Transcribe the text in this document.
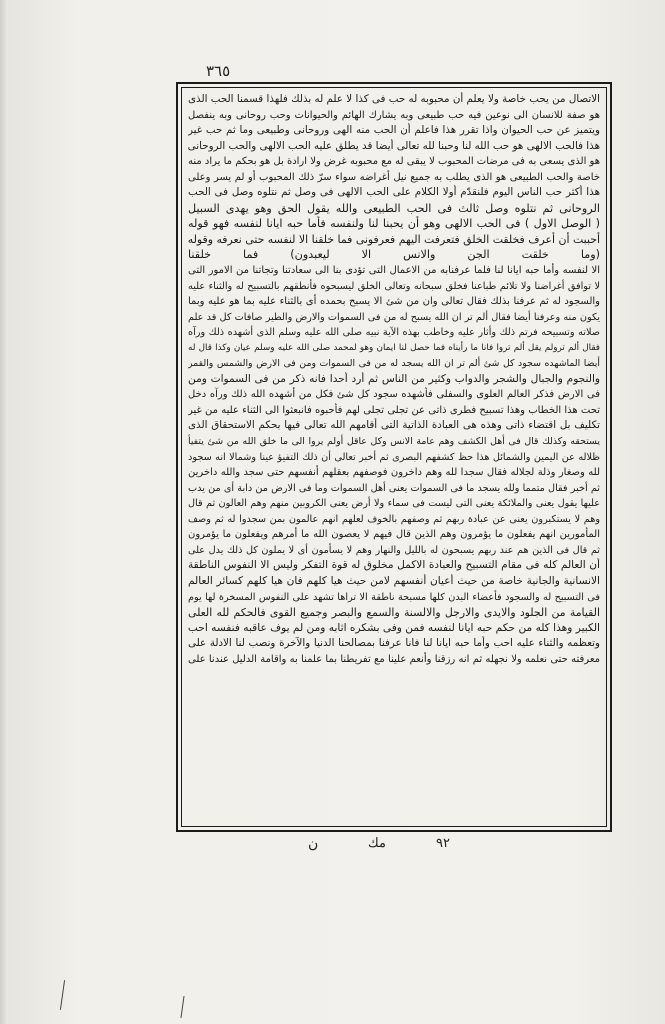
٣٦٥
الاتصال من يحب خاصة ولا يعلم أن محبوبه له حب فى كذا لا علم له بذلك فلهذا قسمنا الحب الذى
هو صفة للانسان الى نوعين فيه حب طبيعى وبه يشارك الهائم والحيوانات وحب روحانى وبه ينفصل
ويتميز عن حب الحيوان واذا تقرر هذا فاعلم أن الحب منه الهى وروحانى وطبيعى وما ثم حب غير
هذا فالحب الالهى هو حب الله لنا وحبنا لله تعالى أيضا قد يطلق عليه الحب الالهى والحب الروحانى
هو الذى يسعى به فى مرضات المحبوب لا يبقى له مع محبوبه غرض ولا ارادة بل هو بحكم ما يراد منه
خاصة والحب الطبيعى هو الذى يطلب به جميع نيل أغراضه سواء سرّ ذلك المحبوب أو لم يسر وعلى
هذا أكثر حب الناس اليوم فلنقدّم أولا الكلام على الحب الالهى فى وصل ثم نتلوه وصل فى الحب
الروحانى ثم نتلوه وصل ثالث فى الحب الطبيعى والله يقول الحق وهو يهدى السبيل
( الوصل الاول ) فى الحب الالهى وهو أن يحبنا لنا ولنفسه فأما حبه ايانا لنفسه فهو قوله
أحببت أن أعرف فخلقت الخلق فتعرفت اليهم فعرفونى فما خلقنا الا لنفسه حتى نعرفه وقوله
(وما خلقت الجن والانس الا ليعبدون) فما خلقنا
الا لنفسه وأما حبه ايانا لنا فلما عرفنابه من الاعمال التى تؤدى بنا الى سعادتنا وتجاتنا من الامور التى
لا توافق أغراضنا ولا تلائم طباعنا فخلق سبحانه وتعالى الخلق ليسبحوه فأنطقهم بالتسبيح له والثناء عليه
والسجود له ثم عرفنا بذلك فقال تعالى وان من شئ الا يسبح بحمده أى بالثناء عليه بما هو عليه وبما
يكون منه وعرفنا أيضا فقال ألم تر ان الله يسبح له من فى السموات والارض والطير صافات كل قد علم
صلاته وتسبيحه فرتم ذلك وأثار عليه وخاطب بهذه الآية نبيه صلى الله عليه وسلم الذى أشهده ذلك ورآه
فقال ألم ترولم يقل ألم تروا فانا ما رأيناه فما حصل لنا ايمان وهو لمحمد صلى الله عليه وسلم عيان وكذا قال له
أيضا الماشهده سجود كل شئ ألم تر ان الله يسجد له من فى السموات ومن فى الارض والشمس والقمر
والنجوم والجبال والشجر والدواب وكثير من الناس ثم أرد أحدا فانه ذكر من فى السموات ومن
فى الارض فذكر العالم العلوى والسفلى فأشهده سجود كل شئ فكل من أشهده الله ذلك ورآه دخل
تحت هذا الخطاب وهذا تسبيح فطرى ذاتى عن تجلى تجلى لهم فأحبوه فانبعثوا الى الثناء عليه من غير
تكليف بل اقتضاء ذاتى وهذه هى العبادة الذاتية التى أقامهم الله تعالى فيها بحكم الاستحقاق الذى
يستحقه وكذلك قال فى أهل الكشف وهم عامة الانس وكل عاقل أولم يروا الى ما خلق الله من شئ يتفيأ
ظلاله عن اليمين والشمائل هذا حظ كشفهم البصرى ثم أخبر تعالى أن ذلك التفيؤ عينا وشمالا انه سجود
لله وصغار وذلة لجلاله فقال سجدا لله وهم داخرون فوصفهم بعقلهم أنفسهم حتى سجد والله داخرين
ثم أخبر فقال متمما ولله يسجد ما فى السموات يعنى أهل السموات وما فى الارض من دابة أى من يدب
عليها يقول يعنى والملائكة يعنى التى ليست فى سماء ولا أرض يعنى الكروبين منهم وهم العالون ثم قال
وهم لا يستكبرون يعنى عن عبادة ربهم ثم وصفهم بالخوف لعلهم انهم عالمون بمن سجدوا له ثم وصف
المأمورين انهم يفعلون ما يؤمرون وهم الذين قال فيهم لا يعصون الله ما أمرهم ويفعلون ما يؤمرون
ثم قال فى الذين هم عند ربهم يسبحون له بالليل والنهار وهم لا يسأمون أى لا يملون كل ذلك يدل على
أن العالم كله فى مقام التسبيح والعبادة الاكمل مخلوق له قوة التفكر وليس الا النفوس الناطقة
الانسانية والجانية خاصة من حيث أعيان أنفسهم لامن حيث هيا كلهم فان هيا كلهم كسائر العالم
فى التسبيح له والسجود فأعضاء البدن كلها مسبحة ناطقة الا تراها تشهد على النفوس المسخرة لها يوم
القيامة من الجلود والايدى والارجل والالسنة والسمع والبصر وجميع القوى فالحكم لله العلى
الكبير وهذا كله من حكم حبه ايانا لنفسه فمن وفى بشكره اثابه ومن لم يوف عاقبه فنفسه احب
وتعظمه والثناء عليه احب وأما حبه ايانا لنا فانا عرفنا بمصالحنا الدنيا والآخرة ونصب لنا الادلة على
معرفته حتى نعلمه ولا نجهله ثم انه رزقنا وأنعم علينا مع تفريطنا بما علمنا به واقامة الدليل عندنا على
٩٢
مك
ن
